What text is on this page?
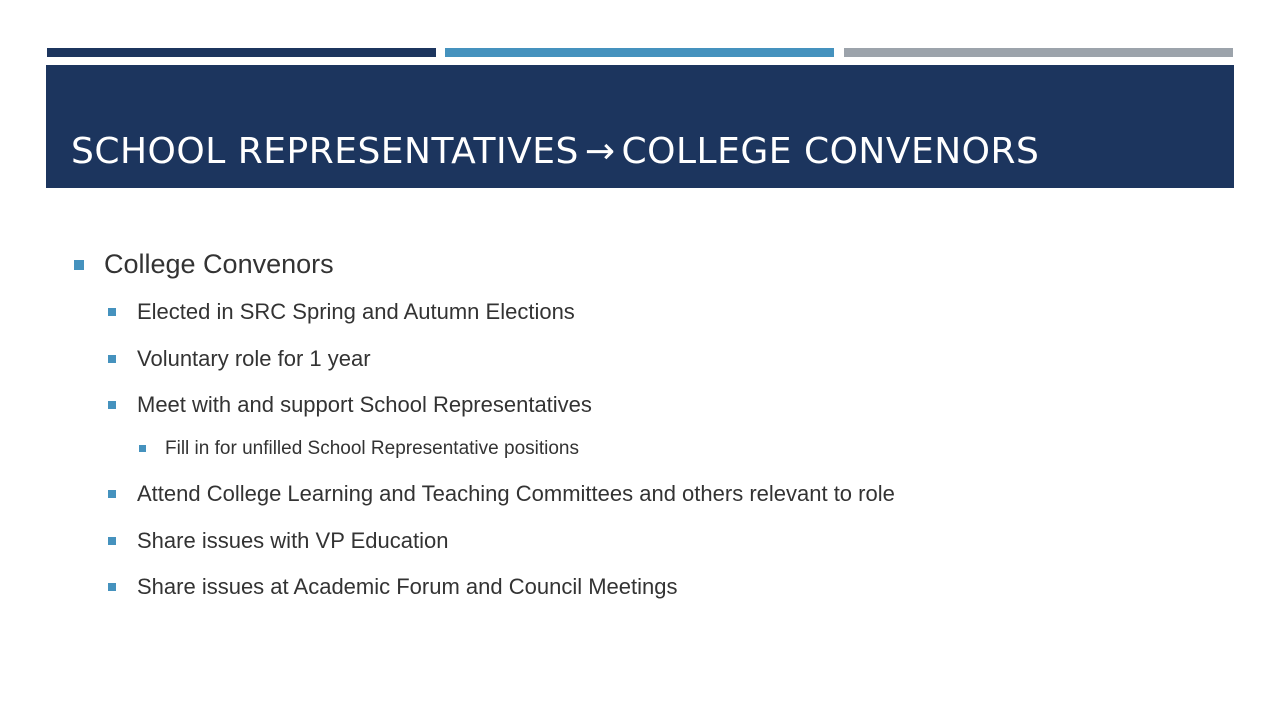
SCHOOL REPRESENTATIVES → COLLEGE CONVENORS
College Convenors
Elected in SRC Spring and Autumn Elections
Voluntary role for 1 year
Meet with and support School Representatives
Fill in for unfilled School Representative positions
Attend College Learning and Teaching Committees and others relevant to role
Share issues with VP Education
Share issues at Academic Forum and Council Meetings
